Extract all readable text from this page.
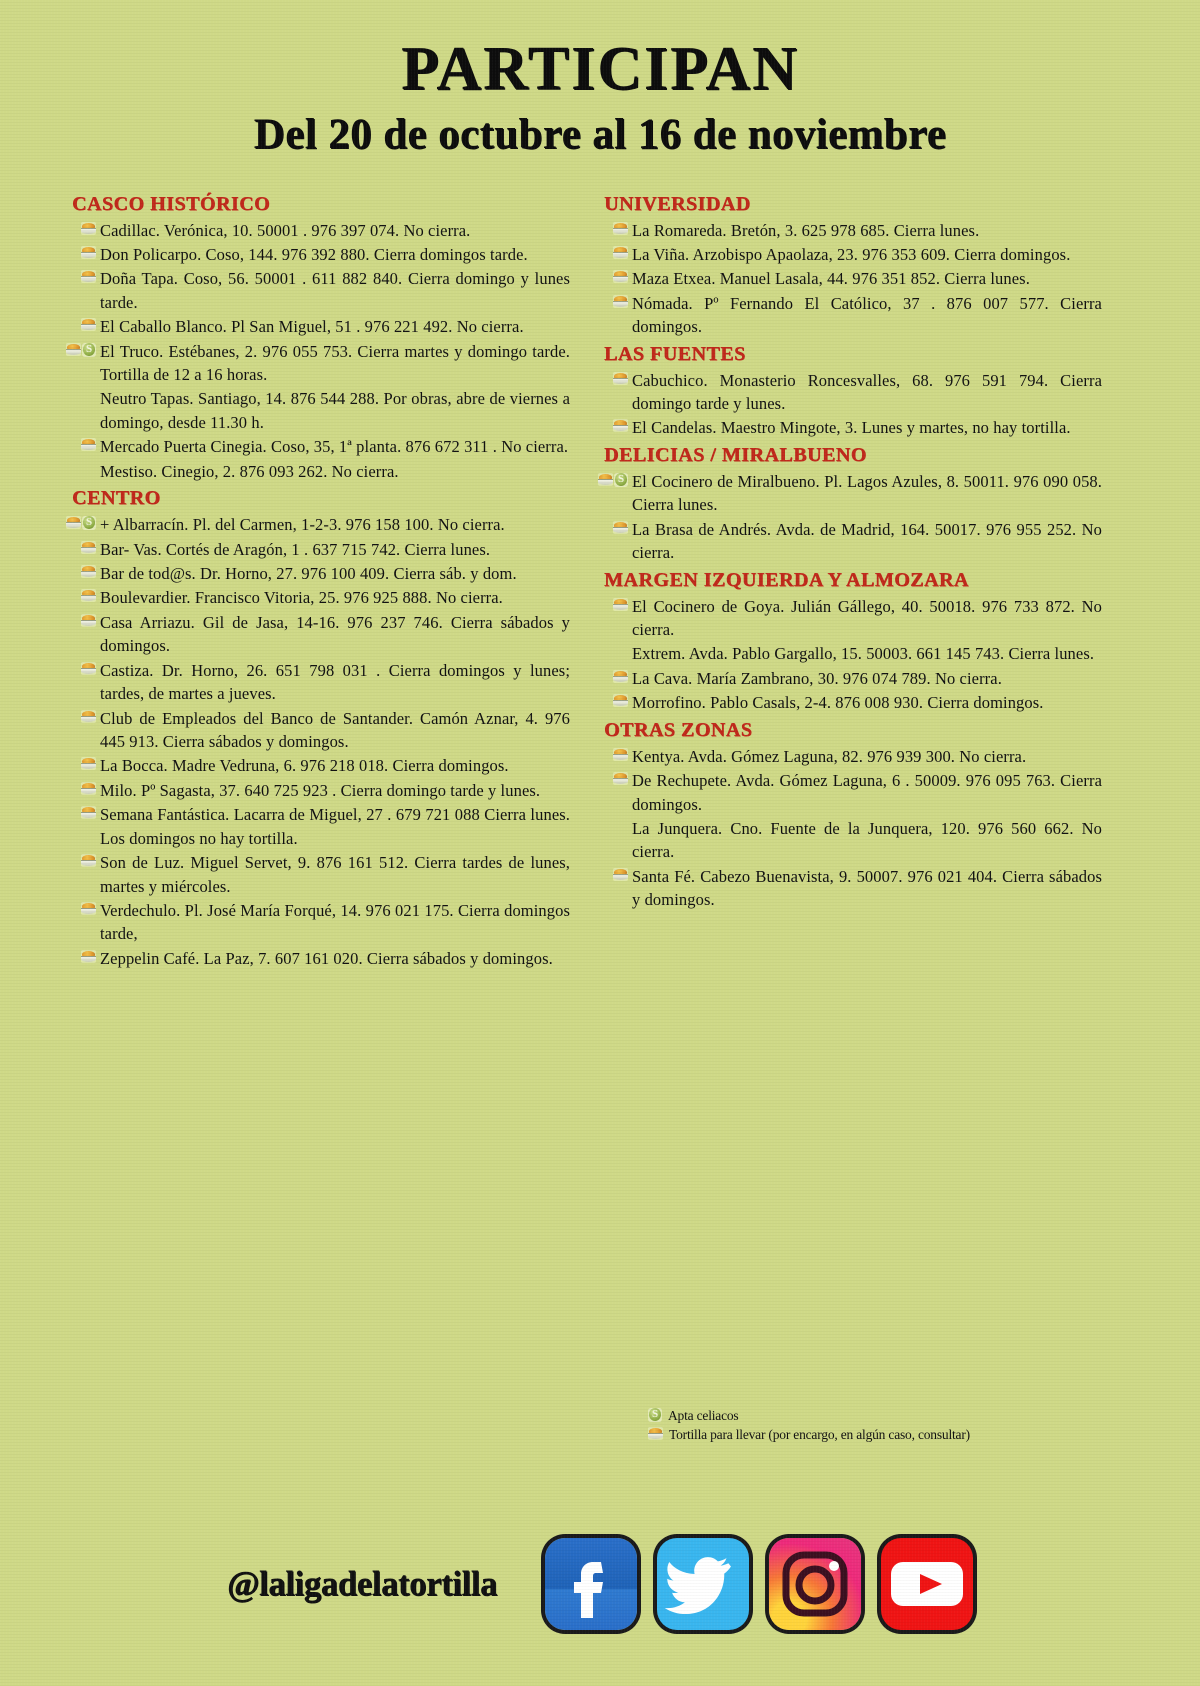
PARTICIPAN
Del 20 de octubre al 16 de noviembre
CASCO HISTÓRICO
Cadillac. Verónica, 10. 50001 . 976 397 074. No cierra.
Don Policarpo. Coso, 144. 976 392 880. Cierra domingos tarde.
Doña Tapa. Coso, 56. 50001 . 611 882 840. Cierra domingo y lunes tarde.
El Caballo Blanco. Pl San Miguel, 51 . 976 221 492. No cierra.
S
El Truco. Estébanes, 2. 976 055 753. Cierra martes y domingo tarde. Tortilla de 12 a 16 horas.
Neutro Tapas. Santiago, 14. 876 544 288. Por obras, abre de viernes a domingo, desde 11.30 h.
Mercado Puerta Cinegia. Coso, 35, 1ª planta. 876 672 311 . No cierra.
Mestiso. Cinegio, 2. 876 093 262. No cierra.
CENTRO
S
+ Albarracín. Pl. del Carmen, 1-2-3. 976 158 100. No cierra.
Bar- Vas. Cortés de Aragón, 1 . 637 715 742. Cierra lunes.
Bar de tod@s. Dr. Horno, 27. 976 100 409. Cierra sáb. y dom.
Boulevardier. Francisco Vitoria, 25. 976 925 888. No cierra.
Casa Arriazu. Gil de Jasa, 14-16. 976 237 746. Cierra sábados y domingos.
Castiza. Dr. Horno, 26. 651 798 031 . Cierra domingos y lunes; tardes, de martes a jueves.
Club de Empleados del Banco de Santander. Camón Aznar, 4. 976 445 913. Cierra sábados y domingos.
La Bocca. Madre Vedruna, 6. 976 218 018. Cierra domingos.
Milo. Pº Sagasta, 37. 640 725 923 . Cierra domingo tarde y lunes.
Semana Fantástica. Lacarra de Miguel, 27 . 679 721 088 Cierra lunes. Los domingos no hay tortilla.
Son de Luz. Miguel Servet, 9. 876 161 512. Cierra tardes de lunes, martes y miércoles.
Verdechulo. Pl. José María Forqué, 14. 976 021 175. Cierra domingos tarde,
Zeppelin Café. La Paz, 7. 607 161 020. Cierra sábados y domingos.
UNIVERSIDAD
La Romareda. Bretón, 3. 625 978 685. Cierra lunes.
La Viña. Arzobispo Apaolaza, 23. 976 353 609. Cierra domingos.
Maza Etxea. Manuel Lasala, 44. 976 351 852. Cierra lunes.
Nómada. Pº Fernando El Católico, 37 . 876 007 577. Cierra domingos.
LAS FUENTES
Cabuchico. Monasterio Roncesvalles, 68. 976 591 794. Cierra domingo tarde y lunes.
El Candelas. Maestro Mingote, 3. Lunes y martes, no hay tortilla.
DELICIAS / MIRALBUENO
S
El Cocinero de Miralbueno. Pl. Lagos Azules, 8. 50011. 976 090 058. Cierra lunes.
La Brasa de Andrés. Avda. de Madrid, 164. 50017. 976 955 252. No cierra.
MARGEN IZQUIERDA Y ALMOZARA
El Cocinero de Goya. Julián Gállego, 40. 50018. 976 733 872. No cierra.
Extrem. Avda. Pablo Gargallo, 15. 50003. 661 145 743. Cierra lunes.
La Cava. María Zambrano, 30. 976 074 789. No cierra.
Morrofino. Pablo Casals, 2-4. 876 008 930. Cierra domingos.
OTRAS ZONAS
Kentya. Avda. Gómez Laguna, 82. 976 939 300. No cierra.
De Rechupete. Avda. Gómez Laguna, 6 . 50009. 976 095 763. Cierra domingos.
La Junquera. Cno. Fuente de la Junquera, 120. 976 560 662. No cierra.
Santa Fé. Cabezo Buenavista, 9. 50007. 976 021 404. Cierra sábados y domingos.
S
Apta celiacos
Tortilla para llevar (por encargo, en algún caso, consultar)
@laligadelatortilla
